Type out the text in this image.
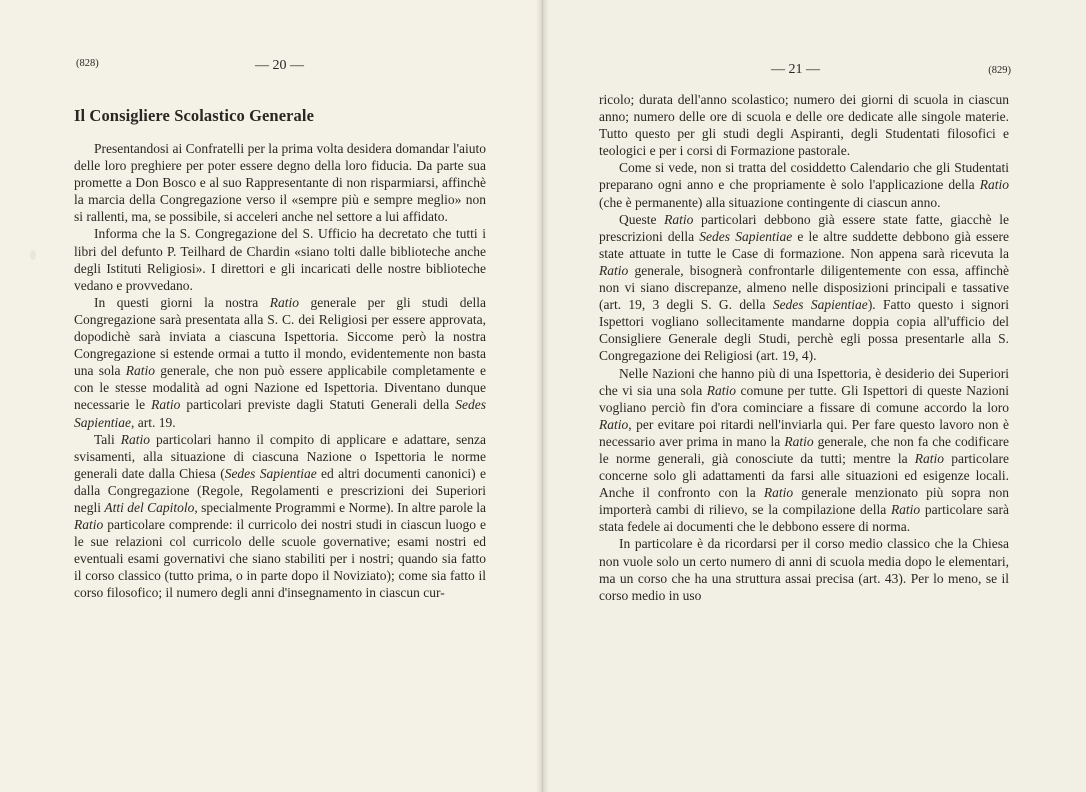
(828)	— 20 —
Il Consigliere Scolastico Generale

Presentandosi ai Confratelli per la prima volta desidera domandar l'aiuto delle loro preghiere per poter essere degno della loro fiducia. Da parte sua promette a Don Bosco e al suo Rappresentante di non risparmiarsi, affinchè la marcia della Congregazione verso il «sempre più e sempre meglio» non si rallenti, ma, se possibile, si acceleri anche nel settore a lui affidato.

Informa che la S. Congregazione del S. Ufficio ha decretato che tutti i libri del defunto P. Teilhard de Chardin «siano tolti dalle biblioteche anche degli Istituti Religiosi». I direttori e gli incaricati delle nostre biblioteche vedano e provvedano.

In questi giorni la nostra Ratio generale per gli studi della Congregazione sarà presentata alla S. C. dei Religiosi per essere approvata, dopodichè sarà inviata a ciascuna Ispettoria. Siccome però la nostra Congregazione si estende ormai a tutto il mondo, evidentemente non basta una sola Ratio generale, che non può essere applicabile completamente e con le stesse modalità ad ogni Nazione ed Ispettoria. Diventano dunque necessarie le Ratio particolari previste dagli Statuti Generali della Sedes Sapientiae, art. 19.

Tali Ratio particolari hanno il compito di applicare e adattare, senza svisamenti, alla situazione di ciascuna Nazione o Ispettoria le norme generali date dalla Chiesa (Sedes Sapientiae ed altri documenti canonici) e dalla Congregazione (Regole, Regolamenti e prescrizioni dei Superiori negli Atti del Capitolo, specialmente Programmi e Norme). In altre parole la Ratio particolare comprende: il curricolo dei nostri studi in ciascun luogo e le sue relazioni col curricolo delle scuole governative; esami nostri ed eventuali esami governativi che siano stabiliti per i nostri; quando sia fatto il corso classico (tutto prima, o in parte dopo il Noviziato); come sia fatto il corso filosofico; il numero degli anni d'insegnamento in ciascun cur-

— 21 —	(829)

ricolo; durata dell'anno scolastico; numero dei giorni di scuola in ciascun anno; numero delle ore di scuola e delle ore dedicate alle singole materie. Tutto questo per gli studi degli Aspiranti, degli Studentati filosofici e teologici e per i corsi di Formazione pastorale.

Come si vede, non si tratta del cosiddetto Calendario che gli Studentati preparano ogni anno e che propriamente è solo l'applicazione della Ratio (che è permanente) alla situazione contingente di ciascun anno.

Queste Ratio particolari debbono già essere state fatte, giacchè le prescrizioni della Sedes Sapientiae e le altre suddette debbono già essere state attuate in tutte le Case di formazione. Non appena sarà ricevuta la Ratio generale, bisognerà confrontarle diligentemente con essa, affinchè non vi siano discrepanze, almeno nelle disposizioni principali e tassative (art. 19, 3 degli S. G. della Sedes Sapientiae). Fatto questo i signori Ispettori vogliano sollecitamente mandarne doppia copia all'ufficio del Consigliere Generale degli Studi, perchè egli possa presentarle alla S. Congregazione dei Religiosi (art. 19, 4).

Nelle Nazioni che hanno più di una Ispettoria, è desiderio dei Superiori che vi sia una sola Ratio comune per tutte. Gli Ispettori di queste Nazioni vogliano perciò fin d'ora cominciare a fissare di comune accordo la loro Ratio, per evitare poi ritardi nell'inviarla qui. Per fare questo lavoro non è necessario aver prima in mano la Ratio generale, che non fa che codificare le norme generali, già conosciute da tutti; mentre la Ratio particolare concerne solo gli adattamenti da farsi alle situazioni ed esigenze locali. Anche il confronto con la Ratio generale menzionato più sopra non importerà cambi di rilievo, se la compilazione della Ratio particolare sarà stata fedele ai documenti che le debbono essere di norma.

In particolare è da ricordarsi per il corso medio classico che la Chiesa non vuole solo un certo numero di anni di scuola media dopo le elementari, ma un corso che ha una struttura assai precisa (art. 43). Per lo meno, se il corso medio in uso
